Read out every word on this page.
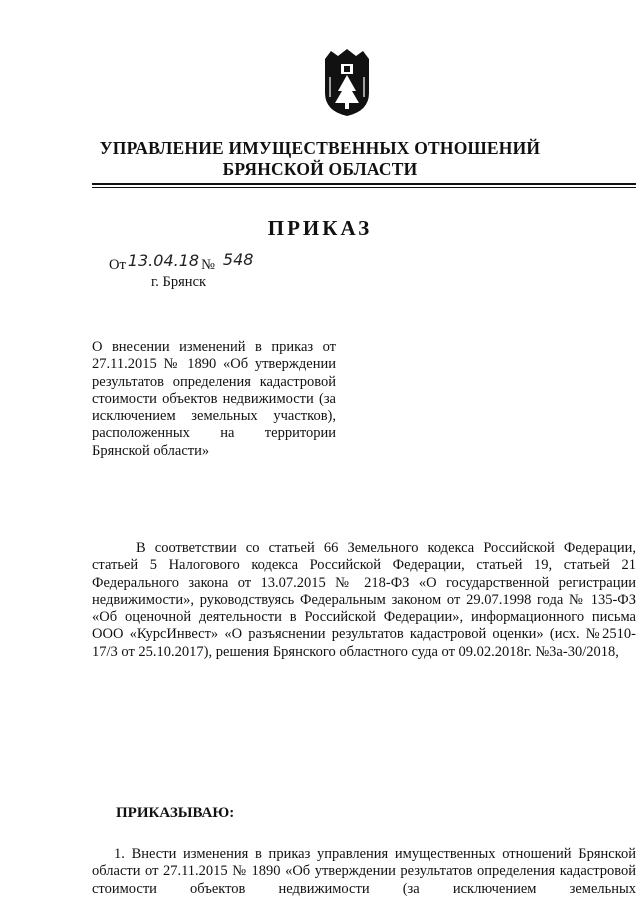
УПРАВЛЕНИЕ ИМУЩЕСТВЕННЫХ ОТНОШЕНИЙ
БРЯНСКОЙ ОБЛАСТИ
ПРИКАЗ
От 13.04.18 № 548
г. Брянск
О внесении изменений в приказ от 27.11.2015 № 1890 «Об утверждении результатов определения кадастровой стоимости объектов недвижимости (за исключением земельных участков), расположенных на территории Брянской области»
В соответствии со статьей 66 Земельного кодекса Российской Федерации, статьей 5 Налогового кодекса Российской Федерации, статьей 19, статьей 21 Федерального закона от 13.07.2015 № 218-ФЗ «О государственной регистрации недвижимости», руководствуясь Федеральным законом от 29.07.1998 года № 135-ФЗ «Об оценочной деятельности в Российской Федерации», информационного письма ООО «КурсИнвест» «О разъяснении результатов кадастровой оценки» (исх. №2510-17/3 от 25.10.2017), решения Брянского областного суда от 09.02.2018г. №3а-30/2018,
ПРИКАЗЫВАЮ:
1. Внести изменения в приказ управления имущественных отношений Брянской области от 27.11.2015 № 1890 «Об утверждении результатов определения кадастровой стоимости объектов недвижимости (за исключением земельных
